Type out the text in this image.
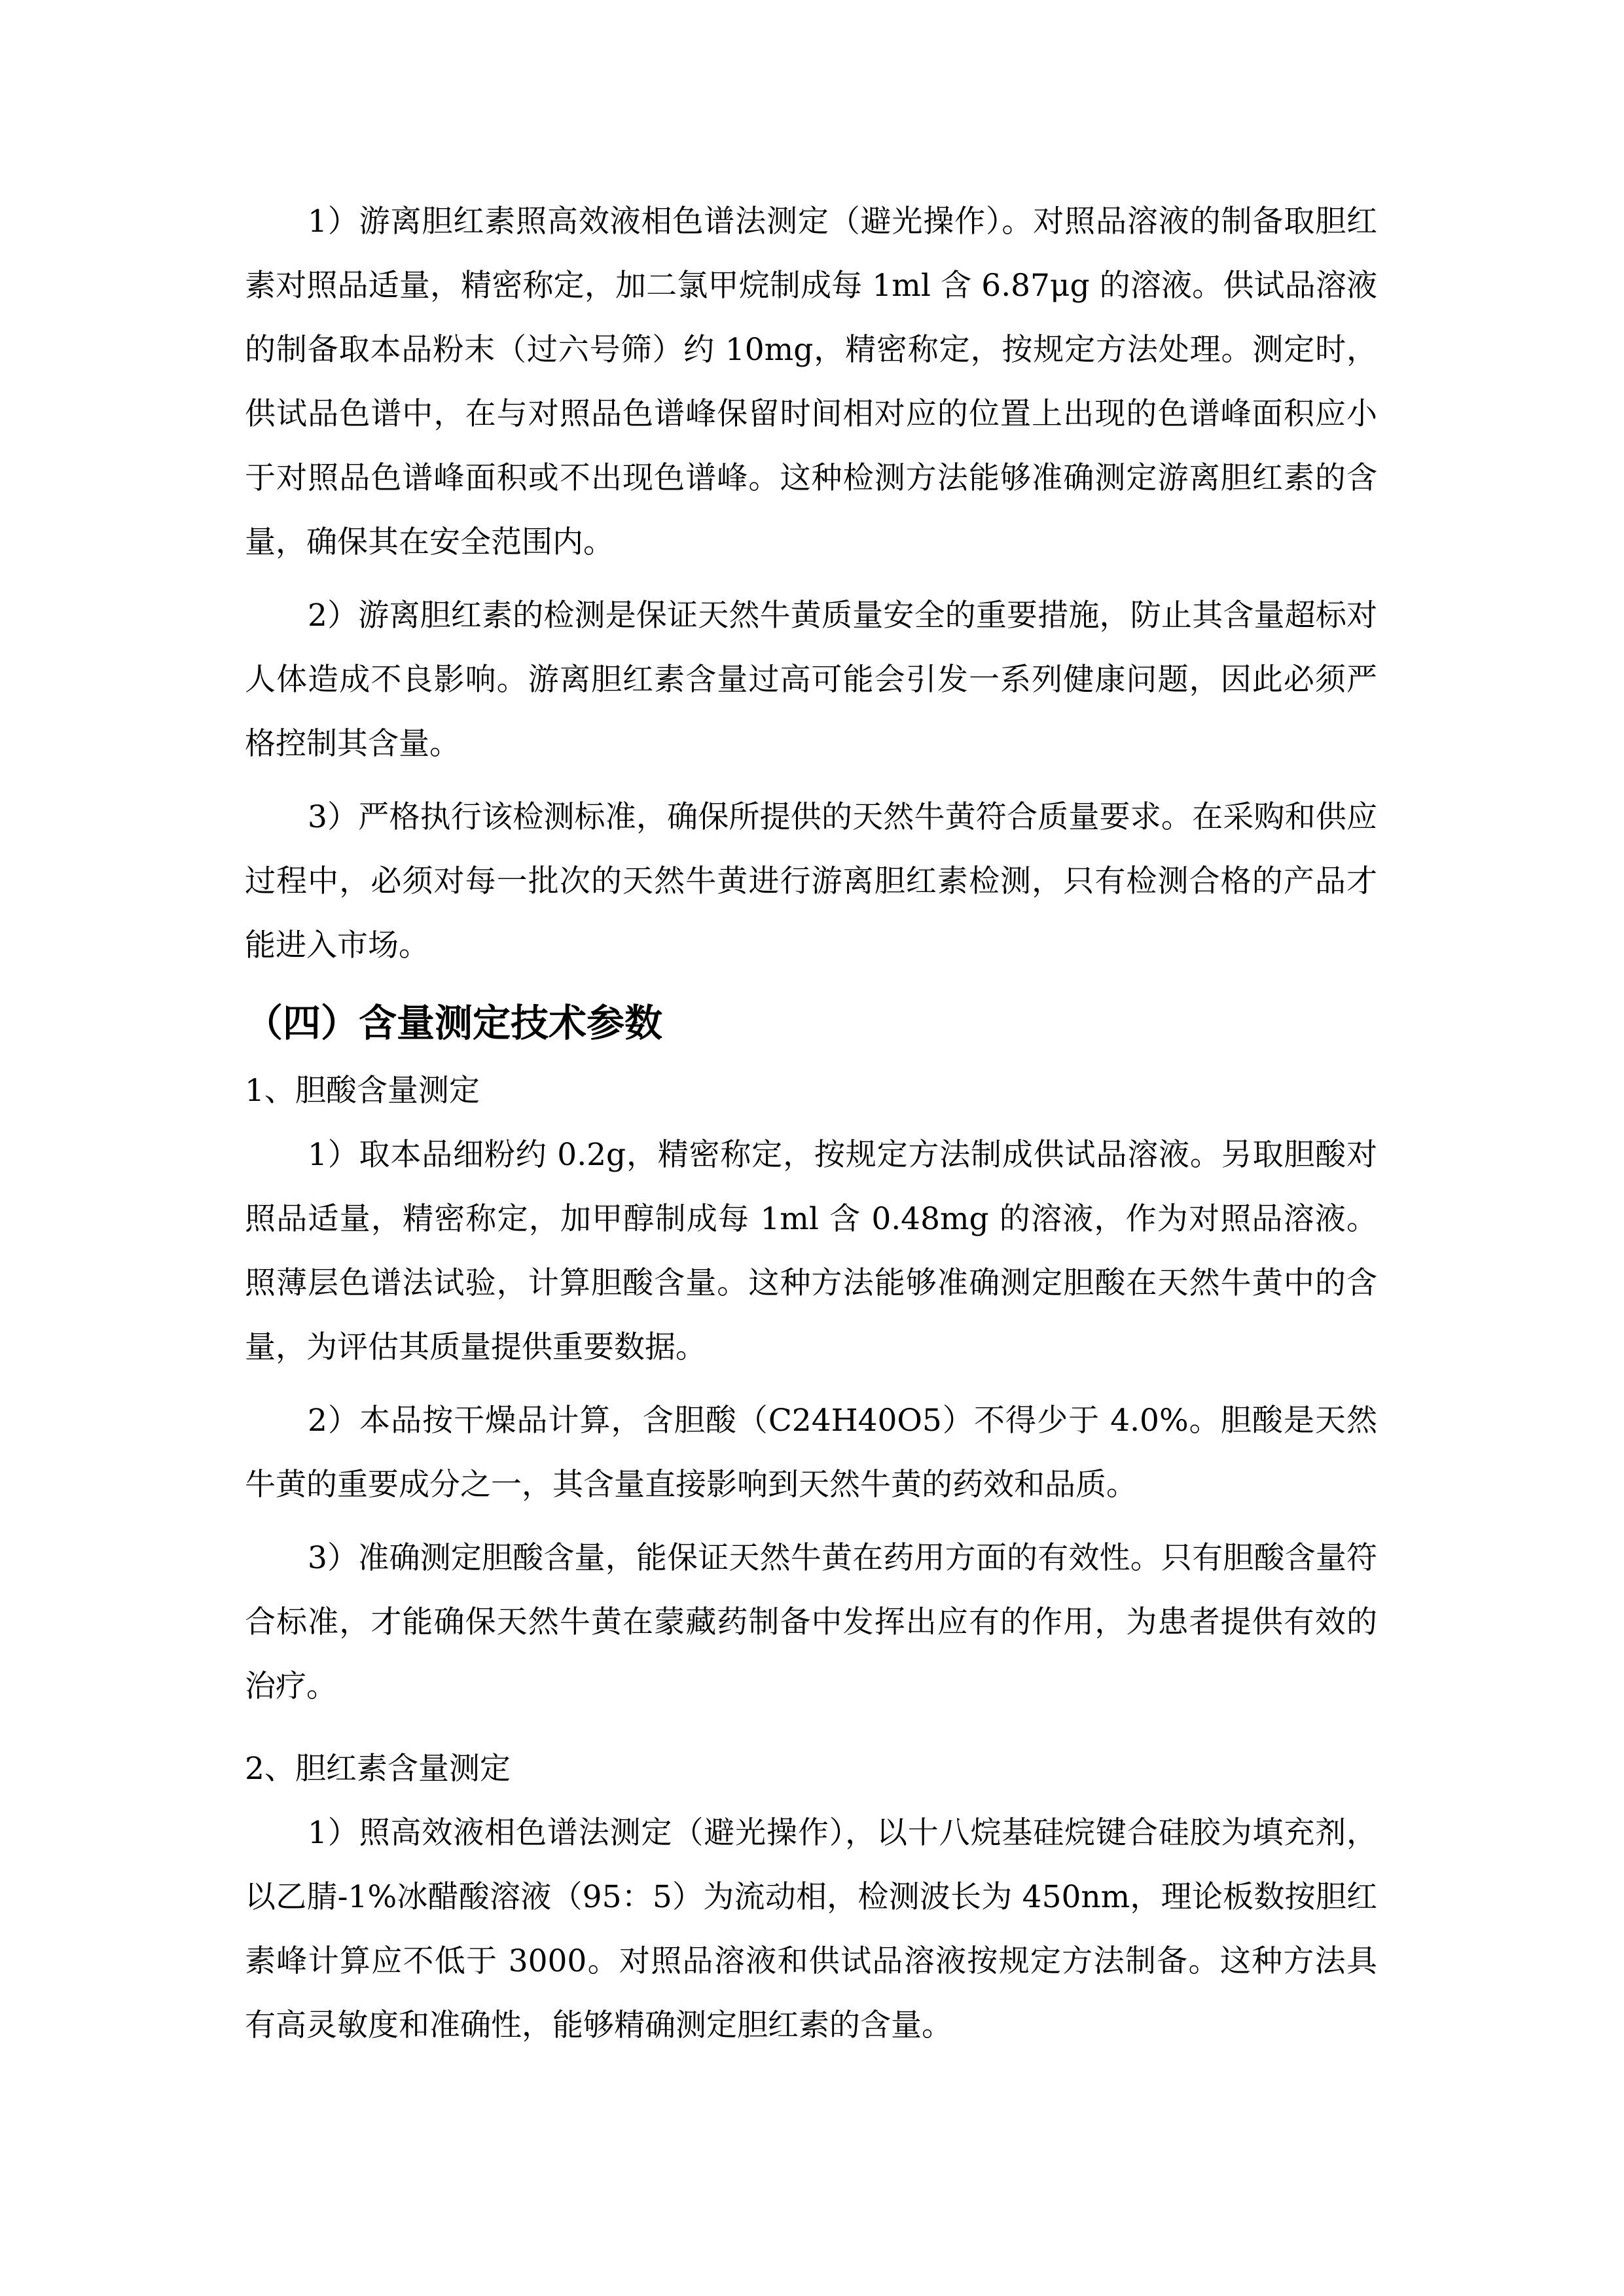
1）游离胆红素照高效液相色谱法测定（避光操作）。对照品溶液的制备取胆红素对照品适量，精密称定，加二氯甲烷制成每 1ml 含 6.87μg 的溶液。供试品溶液的制备取本品粉末（过六号筛）约 10mg，精密称定，按规定方法处理。测定时，供试品色谱中，在与对照品色谱峰保留时间相对应的位置上出现的色谱峰面积应小于对照品色谱峰面积或不出现色谱峰。这种检测方法能够准确测定游离胆红素的含量，确保其在安全范围内。

2）游离胆红素的检测是保证天然牛黄质量安全的重要措施，防止其含量超标对人体造成不良影响。游离胆红素含量过高可能会引发一系列健康问题，因此必须严格控制其含量。

3）严格执行该检测标准，确保所提供的天然牛黄符合质量要求。在采购和供应过程中，必须对每一批次的天然牛黄进行游离胆红素检测，只有检测合格的产品才能进入市场。

（四）含量测定技术参数

1、胆酸含量测定

1）取本品细粉约 0.2g，精密称定，按规定方法制成供试品溶液。另取胆酸对照品适量，精密称定，加甲醇制成每 1ml 含 0.48mg 的溶液，作为对照品溶液。照薄层色谱法试验，计算胆酸含量。这种方法能够准确测定胆酸在天然牛黄中的含量，为评估其质量提供重要数据。

2）本品按干燥品计算，含胆酸（C24H40O5）不得少于 4.0%。胆酸是天然牛黄的重要成分之一，其含量直接影响到天然牛黄的药效和品质。

3）准确测定胆酸含量，能保证天然牛黄在药用方面的有效性。只有胆酸含量符合标准，才能确保天然牛黄在蒙藏药制备中发挥出应有的作用，为患者提供有效的治疗。

2、胆红素含量测定

1）照高效液相色谱法测定（避光操作），以十八烷基硅烷键合硅胶为填充剂，以乙腈-1%冰醋酸溶液（95：5）为流动相，检测波长为 450nm，理论板数按胆红素峰计算应不低于 3000。对照品溶液和供试品溶液按规定方法制备。这种方法具有高灵敏度和准确性，能够精确测定胆红素的含量。
